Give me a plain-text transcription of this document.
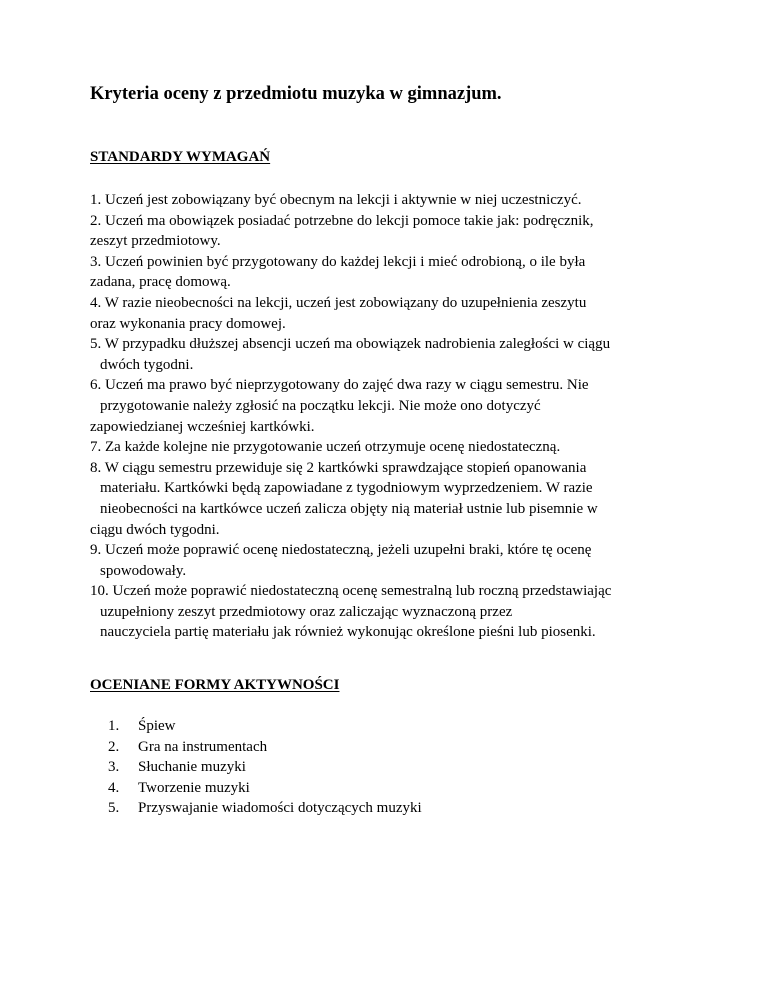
Kryteria oceny z przedmiotu muzyka w gimnazjum.
STANDARDY WYMAGAŃ
1. Uczeń jest zobowiązany być obecnym na lekcji i aktywnie w niej uczestniczyć.
2. Uczeń ma obowiązek posiadać potrzebne do lekcji pomoce takie jak: podręcznik,
zeszyt przedmiotowy.
3. Uczeń powinien być przygotowany do każdej lekcji i mieć odrobioną, o ile była
zadana, pracę domową.
4. W razie nieobecności na lekcji, uczeń jest zobowiązany do uzupełnienia zeszytu
oraz wykonania pracy domowej.
5. W przypadku dłuższej absencji uczeń ma obowiązek nadrobienia zaległości w ciągu
dwóch tygodni.
6. Uczeń ma prawo być nieprzygotowany do zajęć dwa razy w ciągu semestru. Nie
przygotowanie należy zgłosić na początku lekcji. Nie może ono dotyczyć
zapowiedzianej wcześniej kartkówki.
7. Za każde kolejne nie przygotowanie uczeń otrzymuje ocenę niedostateczną.
8. W ciągu semestru przewiduje się 2 kartkówki sprawdzające stopień opanowania
materiału. Kartkówki będą zapowiadane z tygodniowym wyprzedzeniem. W razie
nieobecności na kartkówce uczeń zalicza objęty nią materiał ustnie lub pisemnie w
ciągu dwóch tygodni.
9. Uczeń może poprawić ocenę niedostateczną, jeżeli uzupełni braki, które tę ocenę
spowodowały.
10. Uczeń może poprawić niedostateczną ocenę semestralną lub roczną przedstawiając
uzupełniony zeszyt przedmiotowy oraz zaliczając wyznaczoną przez
nauczyciela partię materiału jak również wykonując określone pieśni lub piosenki.
OCENIANE FORMY AKTYWNOŚCI
1. Śpiew
2. Gra na instrumentach
3. Słuchanie muzyki
4. Tworzenie muzyki
5. Przyswajanie wiadomości dotyczących muzyki
